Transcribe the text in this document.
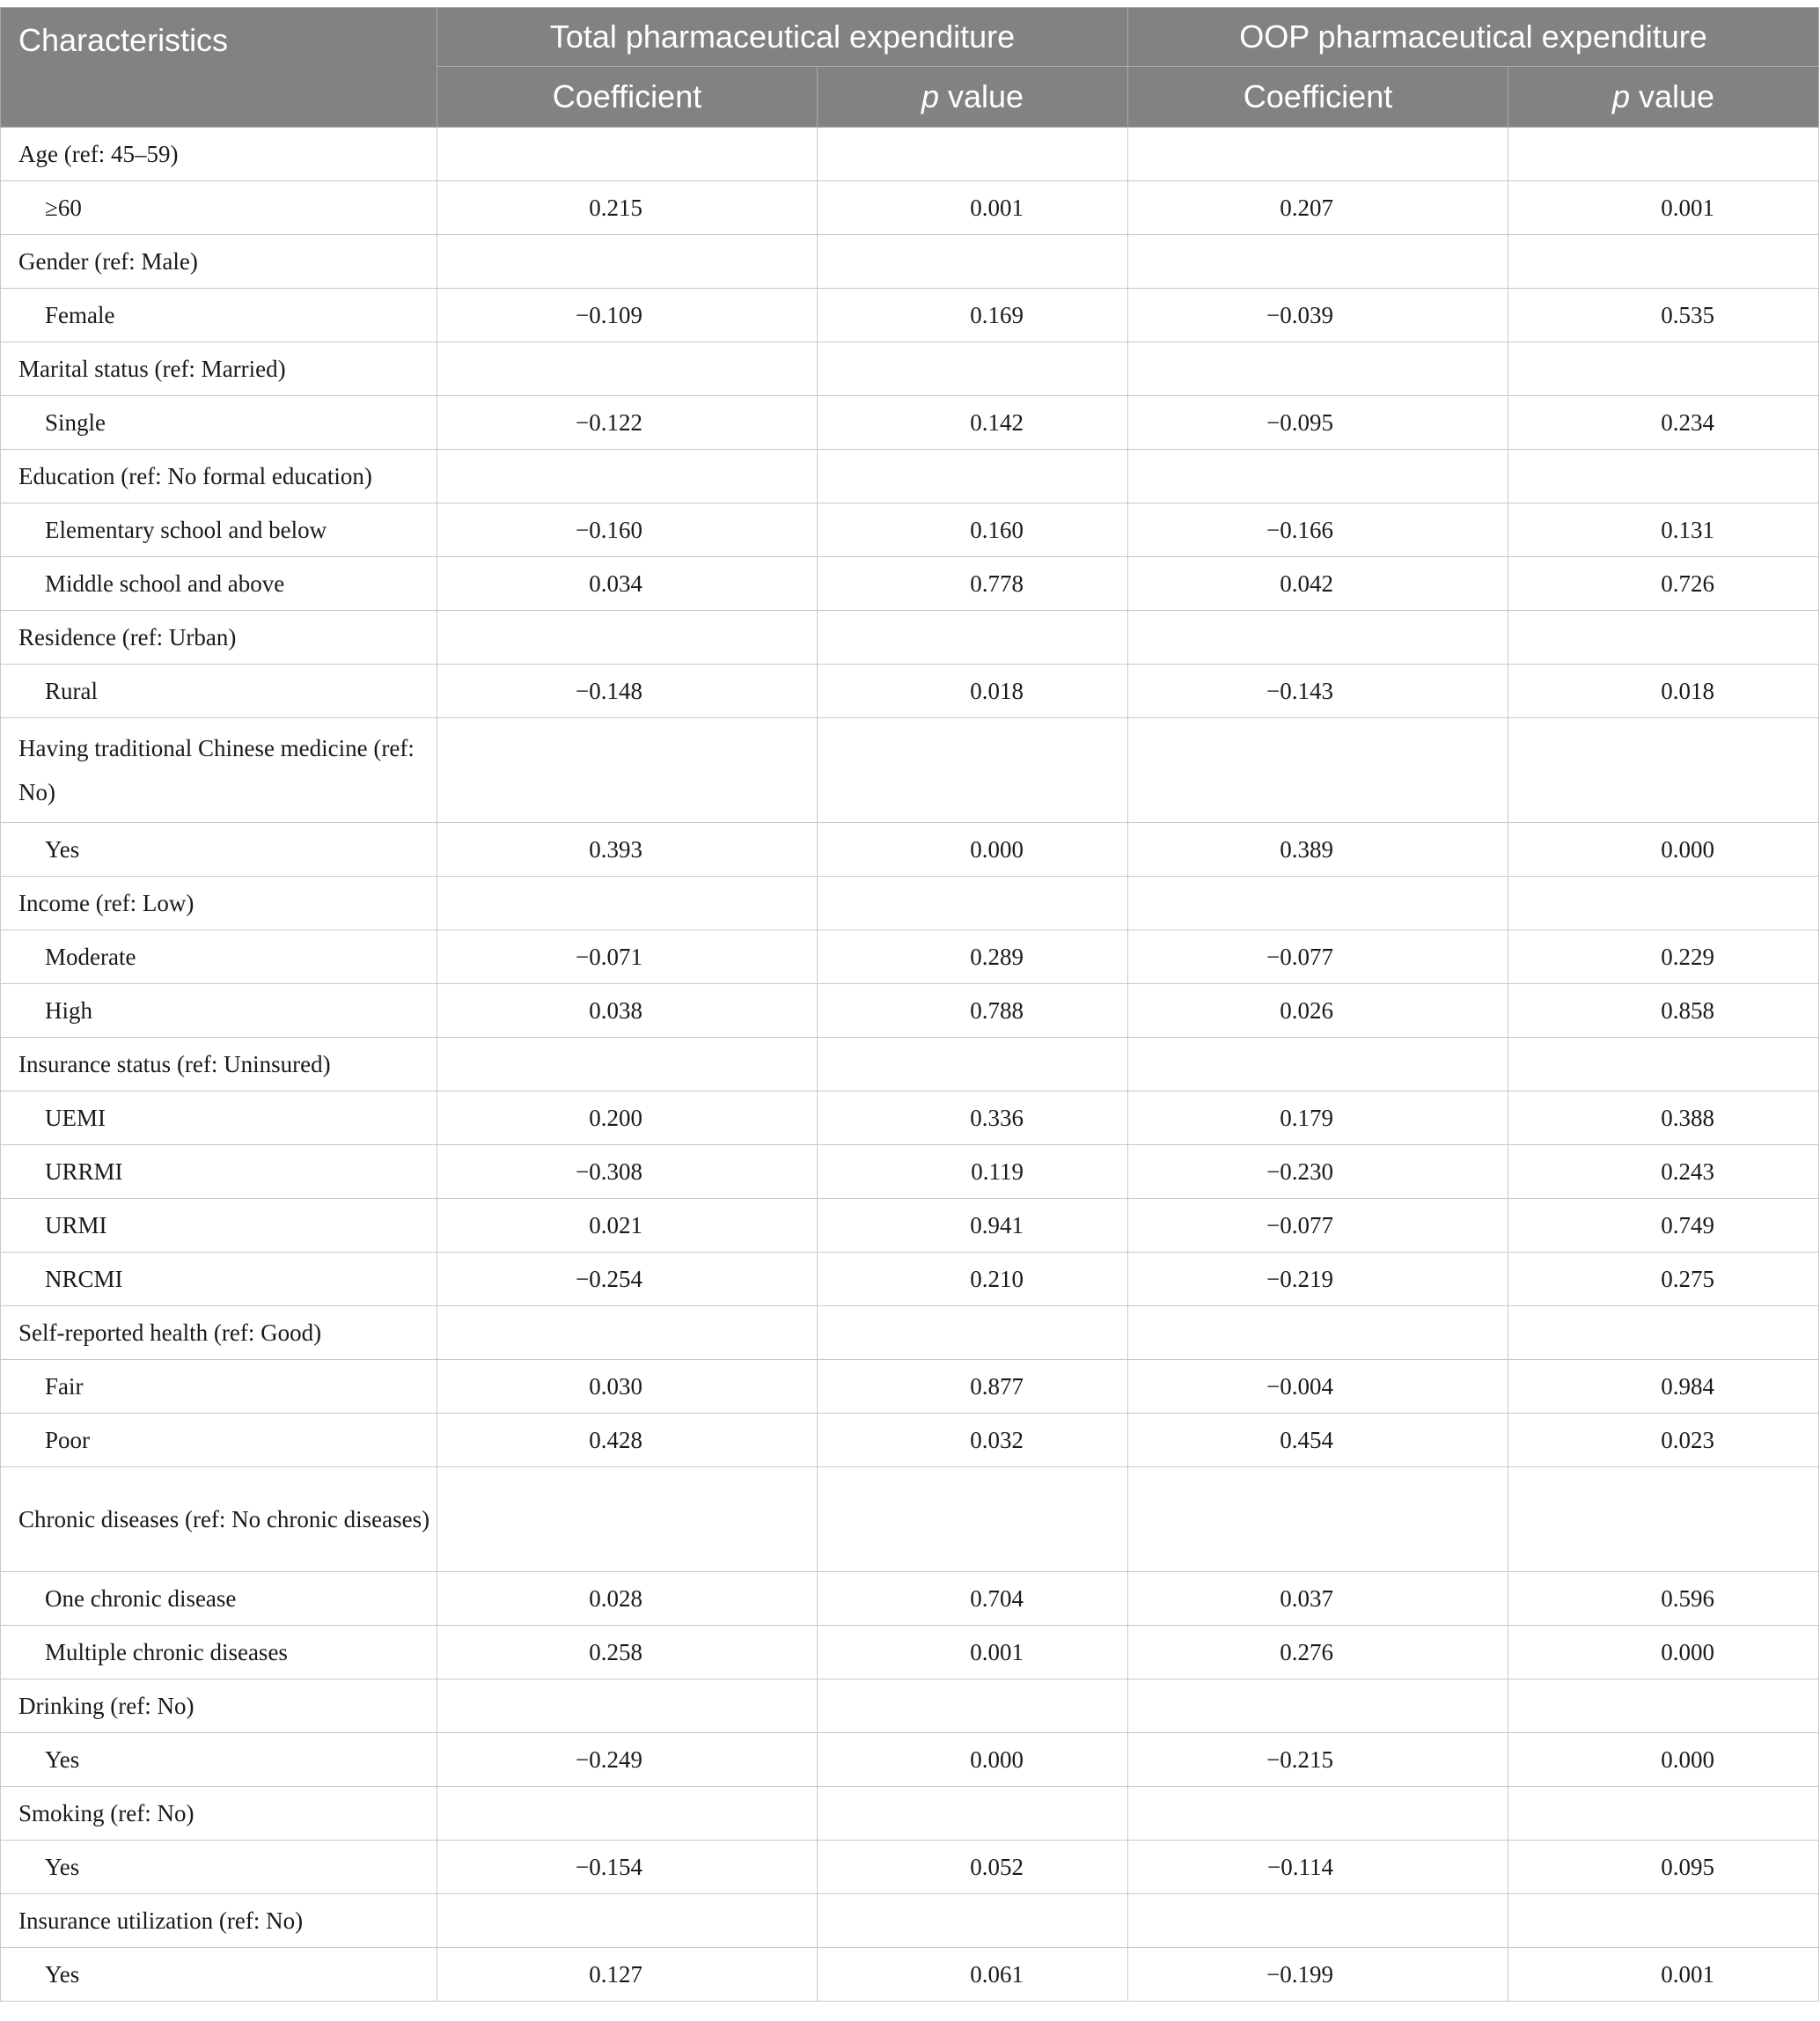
Characteristics	Total pharmaceutical expenditure		OOP pharmaceutical expenditure	
	Coefficient	p value	Coefficient	p value
Age (ref: 45–59)				
≥60	0.215	0.001	0.207	0.001
Gender (ref: Male)				
Female	−0.109	0.169	−0.039	0.535
Marital status (ref: Married)				
Single	−0.122	0.142	−0.095	0.234
Education (ref: No formal education)				
Elementary school and below	−0.160	0.160	−0.166	0.131
Middle school and above	0.034	0.778	0.042	0.726
Residence (ref: Urban)				
Rural	−0.148	0.018	−0.143	0.018
Having traditional Chinese medicine (ref: No)				
Yes	0.393	0.000	0.389	0.000
Income (ref: Low)				
Moderate	−0.071	0.289	−0.077	0.229
High	0.038	0.788	0.026	0.858
Insurance status (ref: Uninsured)				
UEMI	0.200	0.336	0.179	0.388
URRMI	−0.308	0.119	−0.230	0.243
URMI	0.021	0.941	−0.077	0.749
NRCMI	−0.254	0.210	−0.219	0.275
Self-reported health (ref: Good)				
Fair	0.030	0.877	−0.004	0.984
Poor	0.428	0.032	0.454	0.023
Chronic diseases (ref: No chronic diseases)				
One chronic disease	0.028	0.704	0.037	0.596
Multiple chronic diseases	0.258	0.001	0.276	0.000
Drinking (ref: No)				
Yes	−0.249	0.000	−0.215	0.000
Smoking (ref: No)				
Yes	−0.154	0.052	−0.114	0.095
Insurance utilization (ref: No)				
Yes	0.127	0.061	−0.199	0.001
